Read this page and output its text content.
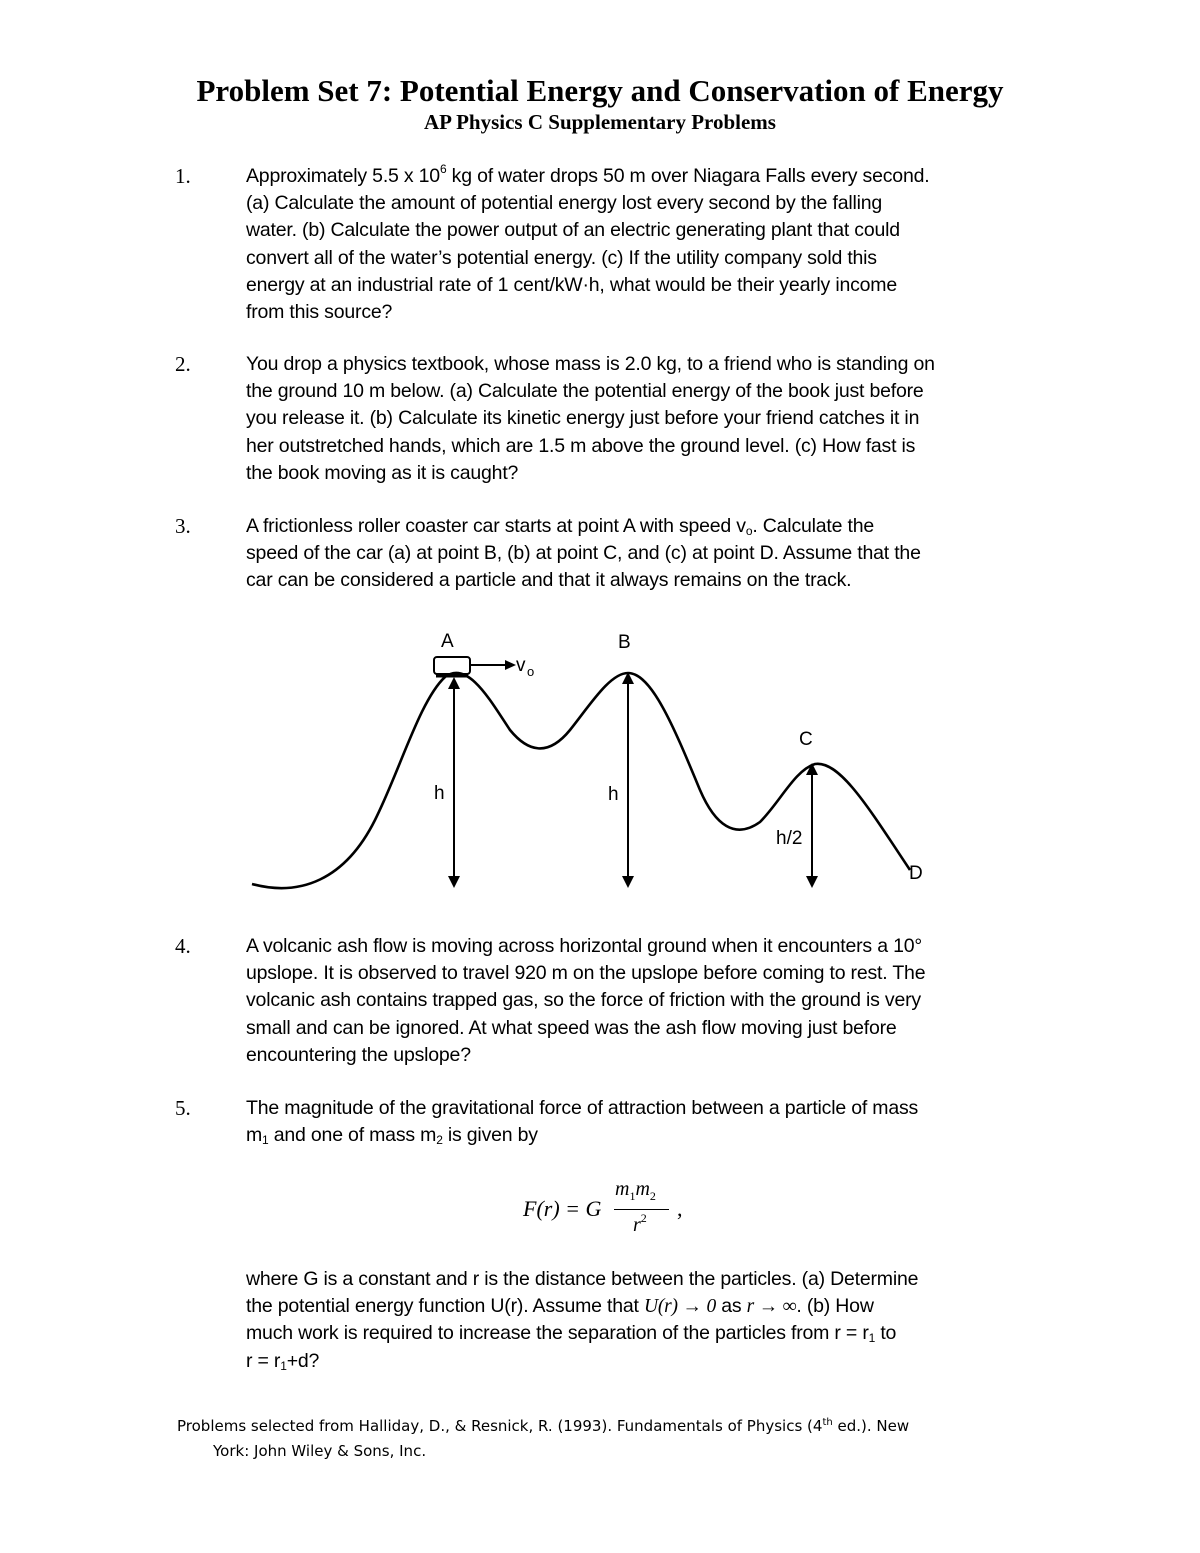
Problem Set 7: Potential Energy and Conservation of Energy
AP Physics C Supplementary Problems
1.	Approximately 5.5 x $10^6$ kg of water drops 50 m over Niagara Falls every second.
(a) Calculate the amount of potential energy lost every second by the falling
water. (b) Calculate the power output of an electric generating plant that could
convert all of the water’s potential energy. (c) If the utility company sold this
energy at an industrial rate of 1 cent/kW·h, what would be their yearly income
from this source?
2.	You drop a physics textbook, whose mass is 2.0 kg, to a friend who is standing on
the ground 10 m below. (a) Calculate the potential energy of the book just before
you release it. (b) Calculate its kinetic energy just before your friend catches it in
her outstretched hands, which are 1.5 m above the ground level. (c) How fast is
the book moving as it is caught?
3.	A frictionless roller coaster car starts at point A with speed $v_o$. Calculate the
speed of the car (a) at point B, (b) at point C, and (c) at point D. Assume that the
car can be considered a particle and that it always remains on the track.
A	B
C
D
v o
h	h
h/2
4.	A volcanic ash flow is moving across horizontal ground when it encounters a 10°
upslope. It is observed to travel 920 m on the upslope before coming to rest. The
volcanic ash contains trapped gas, so the force of friction with the ground is very
small and can be ignored. At what speed was the ash flow moving just before
encountering the upslope?
5.	The magnitude of the gravitational force of attraction between a particle of mass
$m_1$ and one of mass $m_2$ is given by
F(r) = G
$m_1m_2$
$r^2$ ,
where G is a constant and r is the distance between the particles. (a) Determine
the potential energy function U(r). Assume that U(r) → 0 as r → ∞. (b) How
much work is required to increase the separation of the particles from $r = r_1$ to
$r = r_1+d$?
Problems selected from Halliday, D., & Resnick, R. (1993). Fundamentals of Physics (4th ed.). New
York: John Wiley & Sons, Inc.
